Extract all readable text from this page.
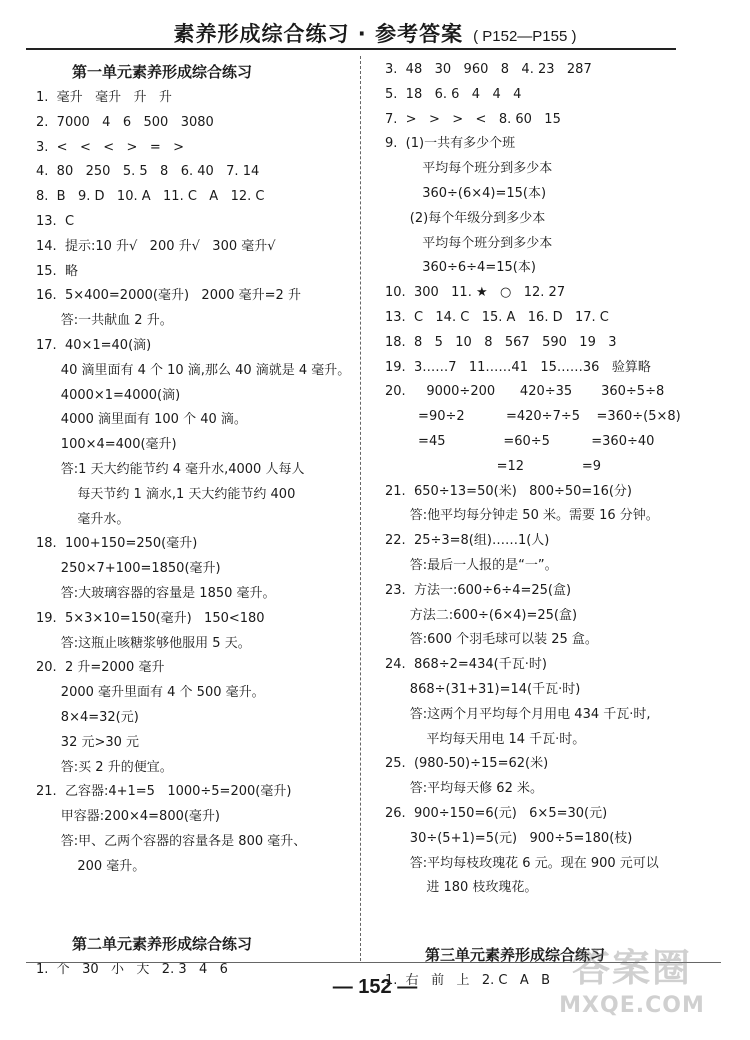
素养形成综合练习 · 参考答案 ( P152—P155 )
第一单元素养形成综合练习
1.  毫升   毫升   升   升
2.  7000   4   6   500   3080
3.  <   <   <   >   =   >
4.  80   250   5. 5   8   6. 40   7. 14
8.  B   9. D   10. A   11. C   A   12. C
13.  C
14.  提示:10 升√   200 升√   300 毫升√
15.  略
16.  5×400=2000(毫升)   2000 毫升=2 升
答:一共献血 2 升。
17.  40×1=40(滴)
40 滴里面有 4 个 10 滴,那么 40 滴就是 4 毫升。
4000×1=4000(滴)
4000 滴里面有 100 个 40 滴。
100×4=400(毫升)
答:1 天大约能节约 4 毫升水,4000 人每人
每天节约 1 滴水,1 天大约能节约 400
毫升水。
18.  100+150=250(毫升)
250×7+100=1850(毫升)
答:大玻璃容器的容量是 1850 毫升。
19.  5×3×10=150(毫升)   150<180
答:这瓶止咳糖浆够他服用 5 天。
20.  2 升=2000 毫升
2000 毫升里面有 4 个 500 毫升。
8×4=32(元)
32 元>30 元
答:买 2 升的便宜。
21.  乙容器:4+1=5   1000÷5=200(毫升)
甲容器:200×4=800(毫升)
答:甲、乙两个容器的容量各是 800 毫升、
200 毫升。
第二单元素养形成综合练习
1.  个   30   小   大   2. 3   4   6
3.  48   30   960   8   4. 23   287
5.  18   6. 6   4   4   4
7.  >   >   >   <   8. 60   15
9.  (1)一共有多少个班
平均每个班分到多少本
360÷(6×4)=15(本)
(2)每个年级分到多少本
平均每个班分到多少本
360÷6÷4=15(本)
10.  300   11. ★   ○   12. 27
13.  C   14. C   15. A   16. D   17. C
18.  8   5   10   8   567   590   19   3
19.  3……7   11……41   15……36   验算略
20.     9000÷200      420÷35       360÷5÷8
=90÷2          =420÷7÷5    =360÷(5×8)
=45              =60÷5          =360÷40
=12              =9
21.  650÷13=50(米)   800÷50=16(分)
答:他平均每分钟走 50 米。需要 16 分钟。
22.  25÷3=8(组)……1(人)
答:最后一人报的是“一”。
23.  方法一:600÷6÷4=25(盒)
方法二:600÷(6×4)=25(盒)
答:600 个羽毛球可以装 25 盒。
24.  868÷2=434(千瓦·时)
868÷(31+31)=14(千瓦·时)
答:这两个月平均每个月用电 434 千瓦·时,
平均每天用电 14 千瓦·时。
25.  (980-50)÷15=62(米)
答:平均每天修 62 米。
26.  900÷150=6(元)   6×5=30(元)
30÷(5+1)=5(元)   900÷5=180(枝)
答:平均每枝玫瑰花 6 元。现在 900 元可以
进 180 枝玫瑰花。
第三单元素养形成综合练习
1.  右   前   上   2. C   A   B
— 152 —	答案圈
MXQE.COM
